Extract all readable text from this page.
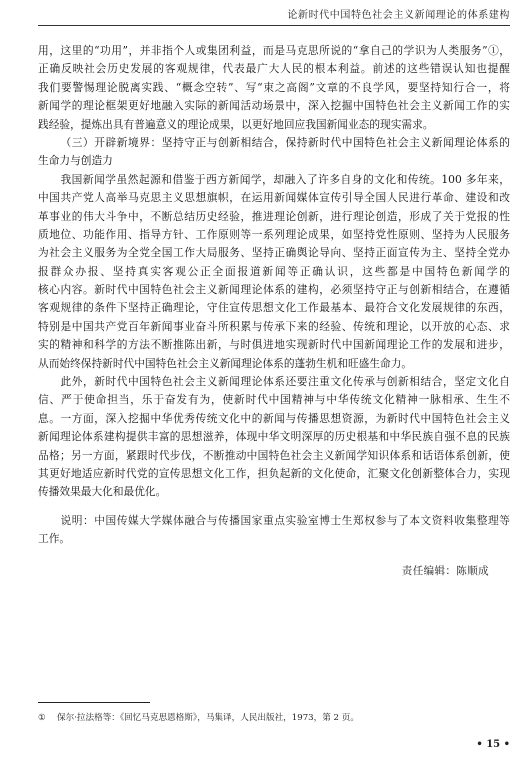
论新时代中国特色社会主义新闻理论的体系建构
用，这里的“功用”，并非指个人或集团利益，而是马克思所说的“拿自己的学识为人类服务”①，
正确反映社会历史发展的客观规律，代表最广大人民的根本利益。前述的这些错误认知也提醒
我们要警惕理论脱离实践、“概念空转”、写“束之高阁”文章的不良学风，要坚持知行合一，将
新闻学的理论框架更好地融入实际的新闻活动场景中，深入挖掘中国特色社会主义新闻工作的实
践经验，提炼出具有普遍意义的理论成果，以更好地回应我国新闻业态的现实需求。
（三）开辟新境界：坚持守正与创新相结合，保持新时代中国特色社会主义新闻理论体系的
生命力与创造力
我国新闻学虽然起源和借鉴于西方新闻学，却融入了许多自身的文化和传统。100 多年来，
中国共产党人高举马克思主义思想旗帜，在运用新闻媒体宣传引导全国人民进行革命、建设和改
革事业的伟大斗争中，不断总结历史经验，推进理论创新，进行理论创造，形成了关于党报的性
质地位、功能作用、指导方针、工作原则等一系列理论成果，如坚持党性原则、坚持为人民服务
为社会主义服务为全党全国工作大局服务、坚持正确舆论导向、坚持正面宣传为主、坚持全党办
报群众办报、坚持真实客观公正全面报道新闻等正确认识，这些都是中国特色新闻学的
核心内容。新时代中国特色社会主义新闻理论体系的建构，必须坚持守正与创新相结合，在遵循
客观规律的条件下坚持正确理论，守住宣传思想文化工作最基本、最符合文化发展规律的东西，
特别是中国共产党百年新闻事业奋斗所积累与传承下来的经验、传统和理论，以开放的心态、求
实的精神和科学的方法不断推陈出新，与时俱进地实现新时代中国新闻理论工作的发展和进步，
从而始终保持新时代中国特色社会主义新闻理论体系的蓬勃生机和旺盛生命力。
此外，新时代中国特色社会主义新闻理论体系还要注重文化传承与创新相结合，坚定文化自
信、严于使命担当，乐于奋发有为，使新时代中国精神与中华传统文化精神一脉相承、生生不
息。一方面，深入挖掘中华优秀传统文化中的新闻与传播思想资源，为新时代中国特色社会主义
新闻理论体系建构提供丰富的思想滋养，体现中华文明深厚的历史根基和中华民族自强不息的民族
品格；另一方面，紧跟时代步伐，不断推动中国特色社会主义新闻学知识体系和话语体系创新，使
其更好地适应新时代党的宣传思想文化工作，担负起新的文化使命，汇聚文化创新整体合力，实现
传播效果最大化和最优化。
说明：中国传媒大学媒体融合与传播国家重点实验室博士生郑权参与了本文资料收集整理等
工作。
责任编辑：陈顺成
① 保尔·拉法格等：《回忆马克思恩格斯》，马集译，人民出版社，1973，第 2 页。
• 15 •
